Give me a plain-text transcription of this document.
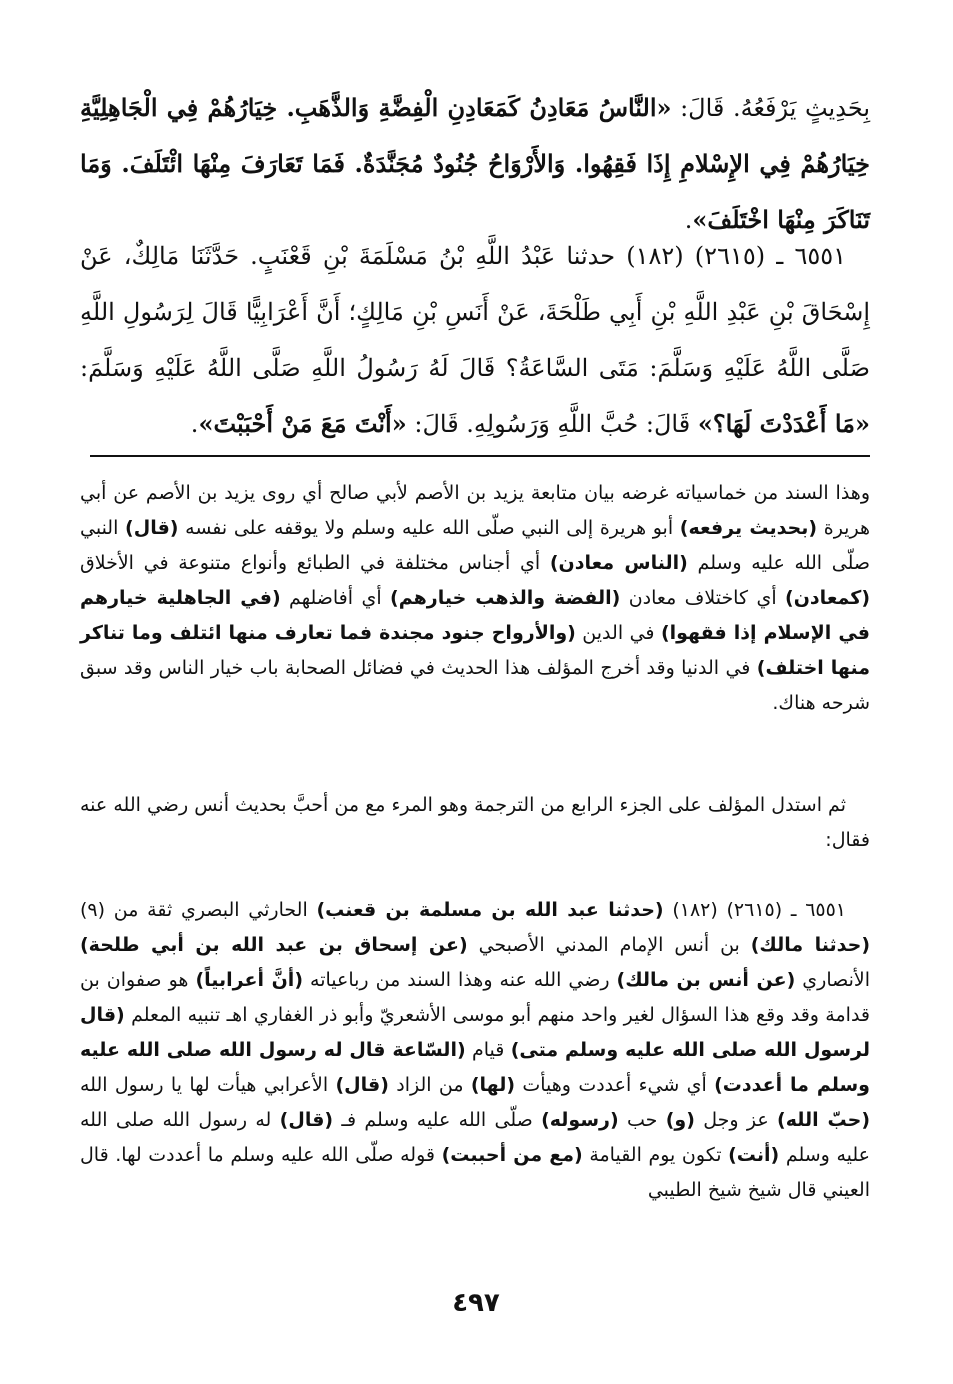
بِحَدِيثٍ يَرْفَعُهُ. قَالَ: «النَّاسُ مَعَادِنُ كَمَعَادِنِ الْفِضَّةِ وَالذَّهَبِ. خِيَارُهُمْ فِي الْجَاهِلِيَّةِ خِيَارُهُمْ فِي الإِسْلامِ إِذَا فَقِهُوا. وَالأَرْوَاحُ جُنُودٌ مُجَنَّدَةٌ. فَمَا تَعَارَفَ مِنْهَا ائْتَلَفَ. وَمَا تَنَاكَرَ مِنْهَا اخْتَلَفَ».

٦٥٥١ ـ (٢٦١٥) (١٨٢) حدثنا عَبْدُ اللَّهِ بْنُ مَسْلَمَةَ بْنِ قَعْنَبٍ. حَدَّثَنَا مَالِكٌ، عَنْ إِسْحَاقَ بْنِ عَبْدِ اللَّهِ بْنِ أَبِي طَلْحَةَ، عَنْ أَنَسِ بْنِ مَالِكٍ؛ أَنَّ أَعْرَابِيًّا قَالَ لِرَسُولِ اللَّهِ صَلَّى اللَّهُ عَلَيْهِ وَسَلَّمَ: مَتَى السَّاعَةُ؟ قَالَ لَهُ رَسُولُ اللَّهِ صَلَّى اللَّهُ عَلَيْهِ وَسَلَّمَ: «مَا أَعْدَدْتَ لَهَا؟» قَالَ: حُبَّ اللَّهِ وَرَسُولِهِ. قَالَ: «أَنْتَ مَعَ مَنْ أَحْبَبْتَ».

وهذا السند من خماسياته غرضه بيان متابعة يزيد بن الأصم لأبي صالح أي روى يزيد بن الأصم عن أبي هريرة (بحديث يرفعه) أبو هريرة إلى النبي صلّى الله عليه وسلم ولا يوقفه على نفسه (قال) النبي صلّى الله عليه وسلم (الناس معادن) أي أجناس مختلفة في الطبائع وأنواع متنوعة في الأخلاق (كمعادن) أي كاختلاف معادن (الفضة والذهب خيارهم) أي أفاضلهم (في الجاهلية خيارهم في الإسلام إذا فقهوا) في الدين (والأرواح جنود مجندة فما تعارف منها ائتلف وما تناكر منها اختلف) في الدنيا وقد أخرج المؤلف هذا الحديث في فضائل الصحابة باب خيار الناس وقد سبق شرحه هناك.

ثم استدل المؤلف على الجزء الرابع من الترجمة وهو المرء مع من أحبَّ بحديث أنس رضي الله عنه فقال:

٦٥٥١ ـ (٢٦١٥) (١٨٢) (حدثنا عبد الله بن مسلمة بن قعنب) الحارثي البصري ثقة من (٩) (حدثنا مالك) بن أنس الإمام المدني الأصبحي (عن إسحاق بن عبد الله بن أبي طلحة) الأنصاري (عن أنس بن مالك) رضي الله عنه وهذا السند من رباعياته (أنَّ أعرابياً) هو صفوان بن قدامة وقد وقع هذا السؤال لغير واحد منهم أبو موسى الأشعريّ وأبو ذر الغفاري اهـ تنبيه المعلم (قال لرسول الله صلى الله عليه وسلم متى) قيام (السّاعة قال له رسول الله صلى الله عليه وسلم ما أعددت) أي شيء أعددت وهيأت (لها) من الزاد (قال) الأعرابي هيأت لها يا رسول الله (حبّ الله) عز وجل (و) حب (رسوله) صلّى الله عليه وسلم فـ (قال) له رسول الله صلى الله عليه وسلم (أنت) تكون يوم القيامة (مع من أحببت) قوله صلّى الله عليه وسلم ما أعددت لها. قال العيني قال شيخ شيخ الطيبي

٤٩٧
